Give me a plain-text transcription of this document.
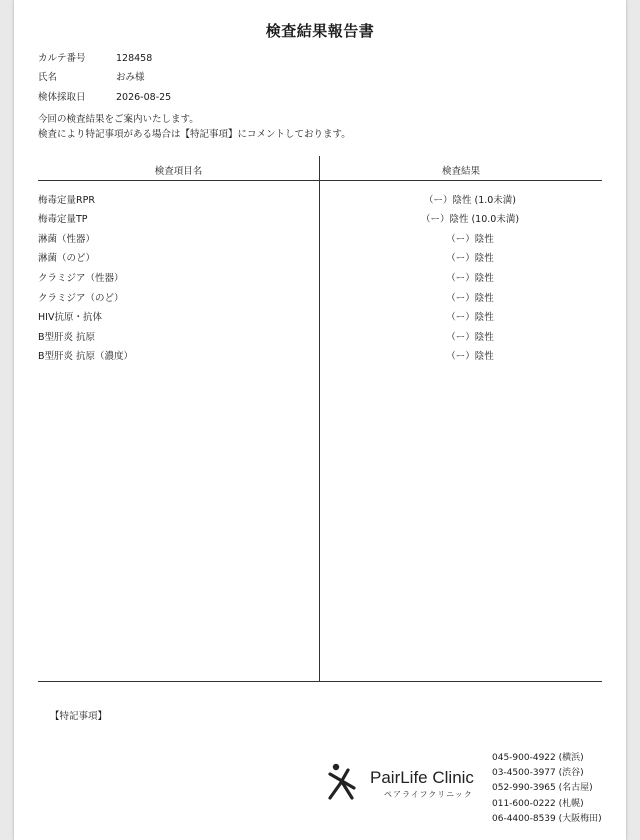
検査結果報告書
カルテ番号	128458
氏名	おみ様
検体採取日	2026-08-25
今回の検査結果をご案内いたします。
検査により特記事項がある場合は【特記事項】にコメントしております。
検査項目名	検査結果
梅毒定量RPR	（ー）陰性 (1.0未満)
梅毒定量TP	（ー）陰性 (10.0未満)
淋菌（性器）	（ー）陰性
淋菌（のど）	（ー）陰性
クラミジア（性器）	（ー）陰性
クラミジア（のど）	（ー）陰性
HIV抗原・抗体	（ー）陰性
B型肝炎 抗原	（ー）陰性
B型肝炎 抗原（濃度）	（ー）陰性
【特記事項】
PairLife Clinic
ペアライフクリニック
045-900-4922 (横浜)
03-4500-3977 (渋谷)
052-990-3965 (名古屋)
011-600-0222 (札幌)
06-4400-8539 (大阪梅田)
